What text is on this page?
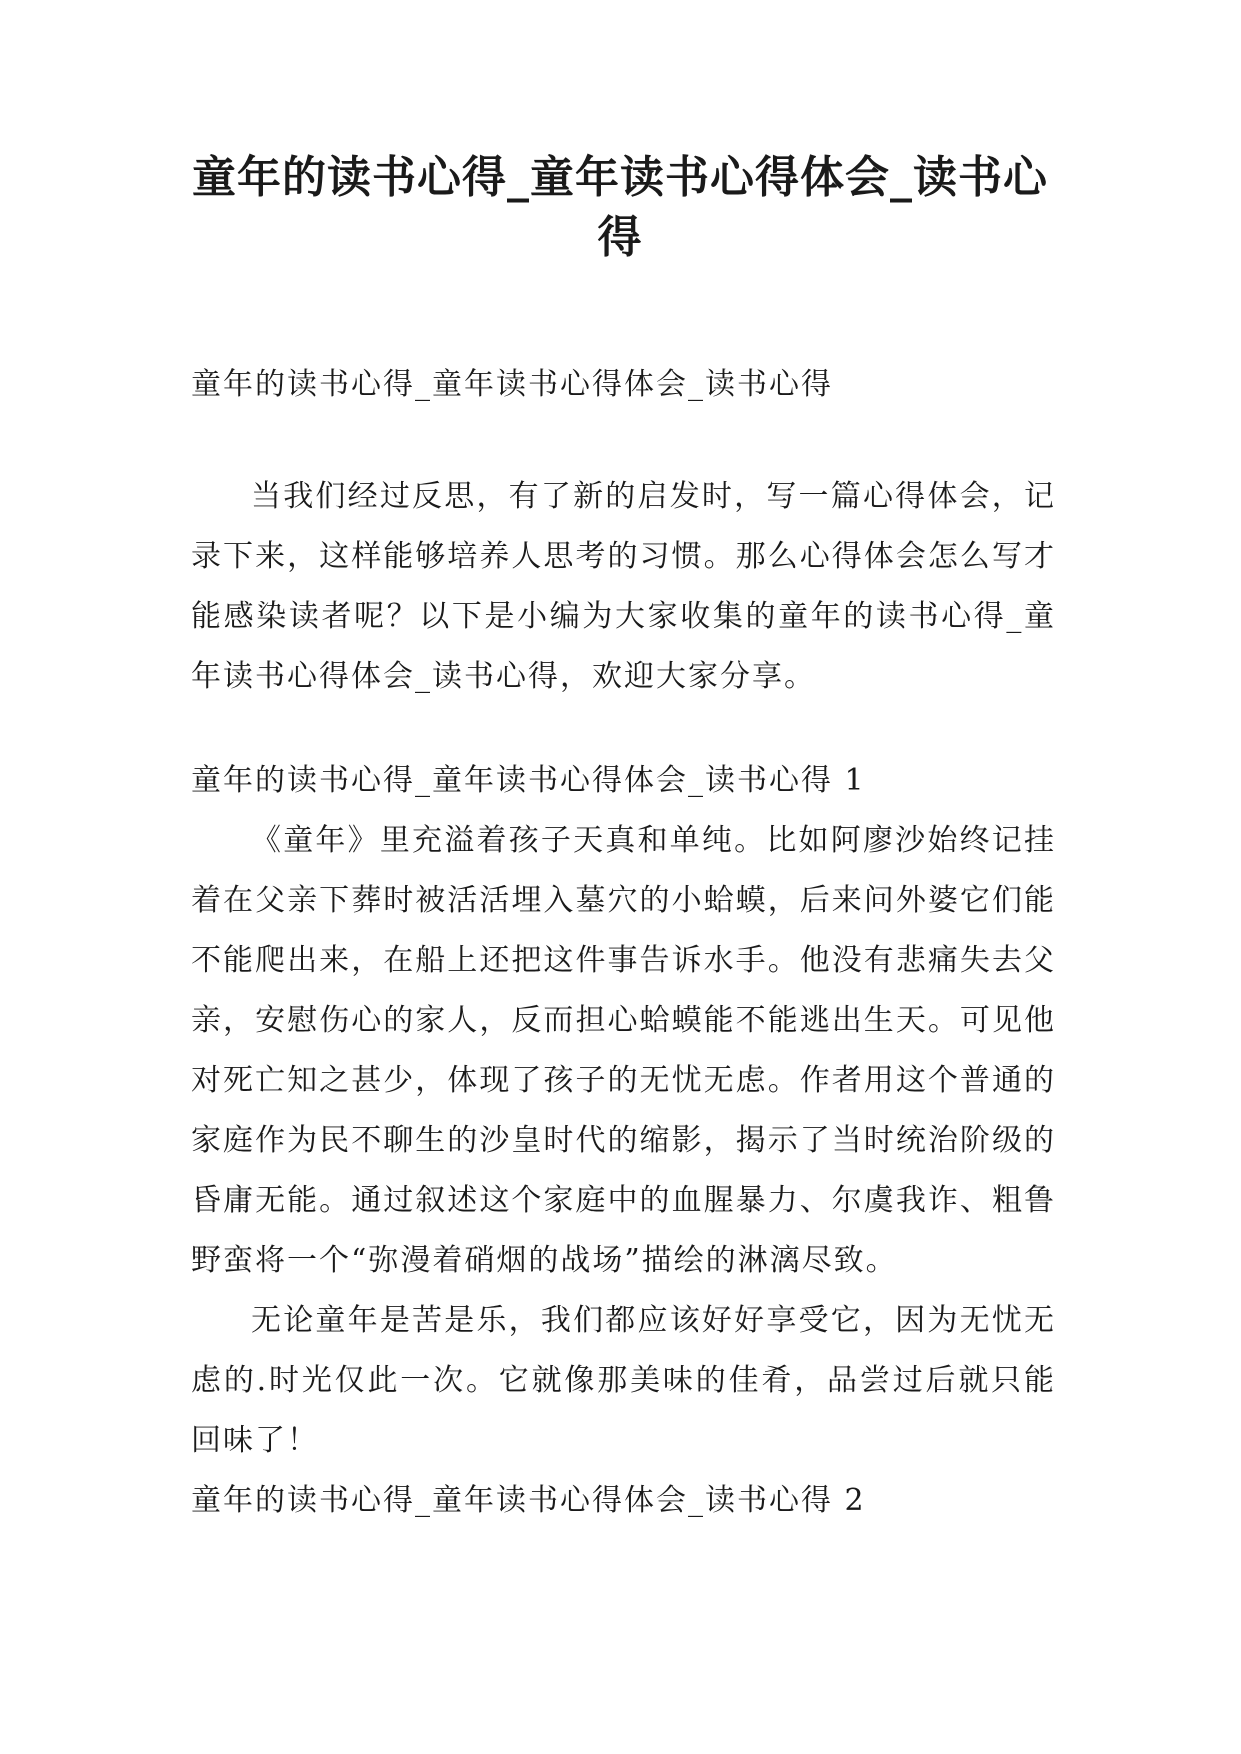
童年的读书心得_童年读书心得体会_读书心得

童年的读书心得_童年读书心得体会_读书心得

当我们经过反思，有了新的启发时，写一篇心得体会，记录下来，这样能够培养人思考的习惯。那么心得体会怎么写才能感染读者呢？以下是小编为大家收集的童年的读书心得_童年读书心得体会_读书心得，欢迎大家分享。

童年的读书心得_童年读书心得体会_读书心得 1

《童年》里充溢着孩子天真和单纯。比如阿廖沙始终记挂着在父亲下葬时被活活埋入墓穴的小蛤蟆，后来问外婆它们能不能爬出来，在船上还把这件事告诉水手。他没有悲痛失去父亲，安慰伤心的家人，反而担心蛤蟆能不能逃出生天。可见他对死亡知之甚少，体现了孩子的无忧无虑。作者用这个普通的家庭作为民不聊生的沙皇时代的缩影，揭示了当时统治阶级的昏庸无能。通过叙述这个家庭中的血腥暴力、尔虞我诈、粗鲁野蛮将一个“弥漫着硝烟的战场”描绘的淋漓尽致。

无论童年是苦是乐，我们都应该好好享受它，因为无忧无虑的.时光仅此一次。它就像那美味的佳肴，品尝过后就只能回味了！

童年的读书心得_童年读书心得体会_读书心得 2
